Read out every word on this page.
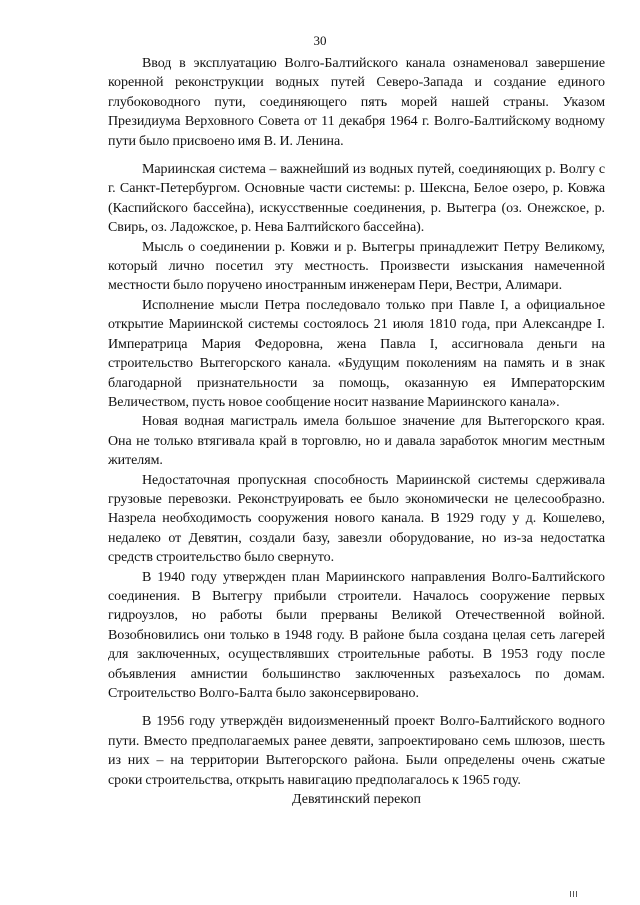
30

Ввод в эксплуатацию Волго-Балтийского канала ознаменовал завершение коренной реконструкции водных путей Северо-Запада и создание единого глубоководного пути, соединяющего пять морей нашей страны. Указом Президиума Верховного Совета от 11 декабря 1964 г. Волго-Балтийскому водному пути было присвоено имя В. И. Ленина.

Мариинская система – важнейший из водных путей, соединяющих р. Волгу с г. Санкт-Петербургом. Основные части системы: р. Шексна, Белое озеро, р. Ковжа (Каспийского бассейна), искусственные соединения, р. Вытегра (оз. Онежское, р. Свирь, оз. Ладожское, р. Нева Балтийского бассейна).

Мысль о соединении р. Ковжи и р. Вытегры принадлежит Петру Великому, который лично посетил эту местность. Произвести изыскания намеченной местности было поручено иностранным инженерам Пери, Вестри, Алимари.

Исполнение мысли Петра последовало только при Павле I, а официальное открытие Мариинской системы состоялось 21 июля 1810 года, при Александре I. Императрица Мария Федоровна, жена Павла I, ассигновала деньги на строительство Вытегорского канала. «Будущим поколениям на память и в знак благодарной признательности за помощь, оказанную ея Императорским Величеством, пусть новое сообщение носит название Мариинского канала».

Новая водная магистраль имела большое значение для Вытегорского края. Она не только втягивала край в торговлю, но и давала заработок многим местным жителям.

Недостаточная пропускная способность Мариинской системы сдерживала грузовые перевозки. Реконструировать ее было экономически не целесообразно. Назрела необходимость сооружения нового канала. В 1929 году у д. Кошелево, недалеко от Девятин, создали базу, завезли оборудование, но из-за недостатка средств строительство было свернуто.

В 1940 году утвержден план Мариинского направления Волго-Балтийского соединения. В Вытегру прибыли строители. Началось сооружение первых гидроузлов, но работы были прерваны Великой Отечественной войной. Возобновились они только в 1948 году. В районе была создана целая сеть лагерей для заключенных, осуществлявших строительные работы. В 1953 году после объявления амнистии большинство заключенных разъехалось по домам. Строительство Волго-Балта было законсервировано.

В 1956 году утверждён видоизмененный проект Волго-Балтийского водного пути. Вместо предполагаемых ранее девяти, запроектировано семь шлюзов, шесть из них – на территории Вытегорского района. Были определены очень сжатые сроки строительства, открыть навигацию предполагалось к 1965 году.

Девятинский перекоп
